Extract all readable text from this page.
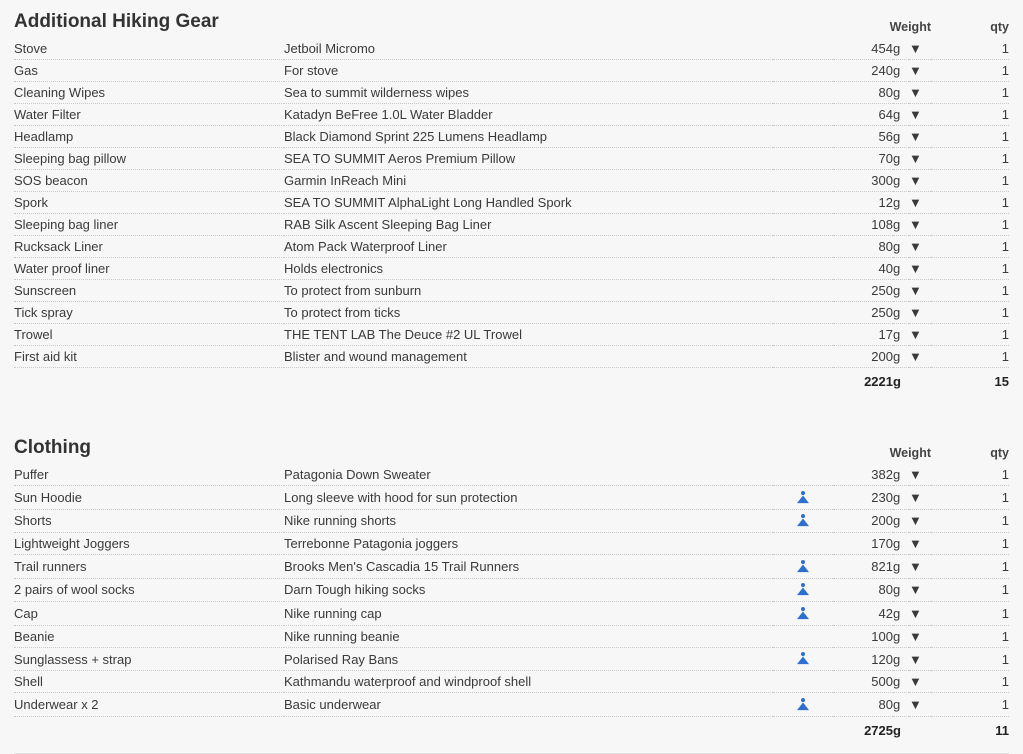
Additional Hiking Gear	Weight	qty
Stove	Jetboil Micromo		454	g	▼	1
Gas	For stove		240	g	▼	1
Cleaning Wipes	Sea to summit wilderness wipes		80	g	▼	1
Water Filter	Katadyn BeFree 1.0L Water Bladder		64	g	▼	1
Headlamp	Black Diamond Sprint 225 Lumens Headlamp		56	g	▼	1
Sleeping bag pillow	SEA TO SUMMIT Aeros Premium Pillow		70	g	▼	1
SOS beacon	Garmin InReach Mini		300	g	▼	1
Spork	SEA TO SUMMIT AlphaLight Long Handled Spork		12	g	▼	1
Sleeping bag liner	RAB Silk Ascent Sleeping Bag Liner		108	g	▼	1
Rucksack Liner	Atom Pack Waterproof Liner		80	g	▼	1
Water proof liner	Holds electronics		40	g	▼	1
Sunscreen	To protect from sunburn		250	g	▼	1
Tick spray	To protect from ticks		250	g	▼	1
Trowel	THE TENT LAB The Deuce #2 UL Trowel		17	g	▼	1
First aid kit	Blister and wound management		200	g	▼	1
			2221	g		15
Clothing	Weight	qty
Puffer	Patagonia Down Sweater		382	g	▼	1
Sun Hoodie	Long sleeve with hood for sun protection		230	g	▼	1
Shorts	Nike running shorts		200	g	▼	1
Lightweight Joggers	Terrebonne Patagonia joggers		170	g	▼	1
Trail runners	Brooks Men's Cascadia 15 Trail Runners		821	g	▼	1
2 pairs of wool socks	Darn Tough hiking socks		80	g	▼	1
Cap	Nike running cap		42	g	▼	1
Beanie	Nike running beanie		100	g	▼	1
Sunglassess + strap	Polarised Ray Bans		120	g	▼	1
Shell	Kathmandu waterproof and windproof shell		500	g	▼	1
Underwear x 2	Basic underwear		80	g	▼	1
			2725	g		11
